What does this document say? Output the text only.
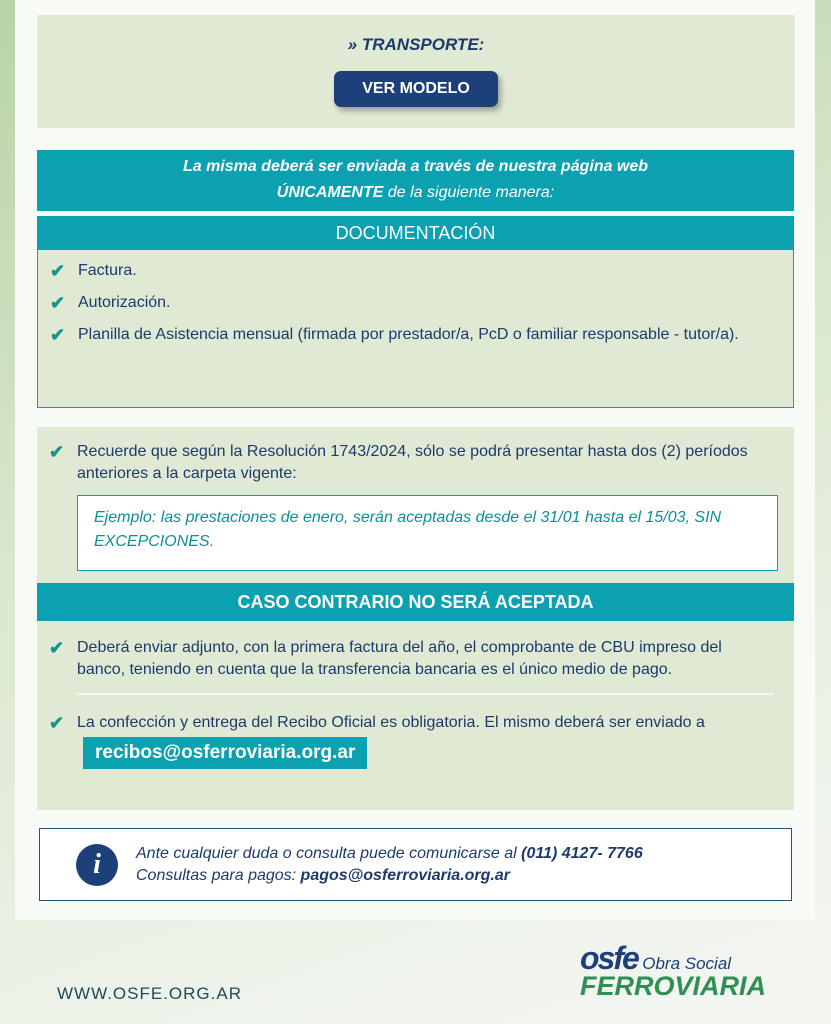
» TRANSPORTE:
VER MODELO
La misma deberá ser enviada a través de nuestra página web
ÚNICAMENTE de la siguiente manera:
DOCUMENTACIÓN
✔ Factura.
✔ Autorización.
✔ Planilla de Asistencia mensual (firmada por prestador/a, PcD o familiar responsable - tutor/a).
✔ Recuerde que según la Resolución 1743/2024, sólo se podrá presentar hasta dos (2) períodos anteriores a la carpeta vigente:
Ejemplo: las prestaciones de enero, serán aceptadas desde el 31/01 hasta el 15/03, SIN EXCEPCIONES.
CASO CONTRARIO NO SERÁ ACEPTADA
✔ Deberá enviar adjunto, con la primera factura del año, el comprobante de CBU impreso del banco, teniendo en cuenta que la transferencia bancaria es el único medio de pago.
✔ La confección y entrega del Recibo Oficial es obligatoria. El mismo deberá ser enviado arecibos@osferroviaria.org.ar
i	Ante cualquier duda o consulta puede comunicarse al (011) 4127- 7766
Consultas para pagos: pagos@osferroviaria.org.ar
WWW.OSFE.ORG.AR
osfe Obra Social
FERROVIARIA
